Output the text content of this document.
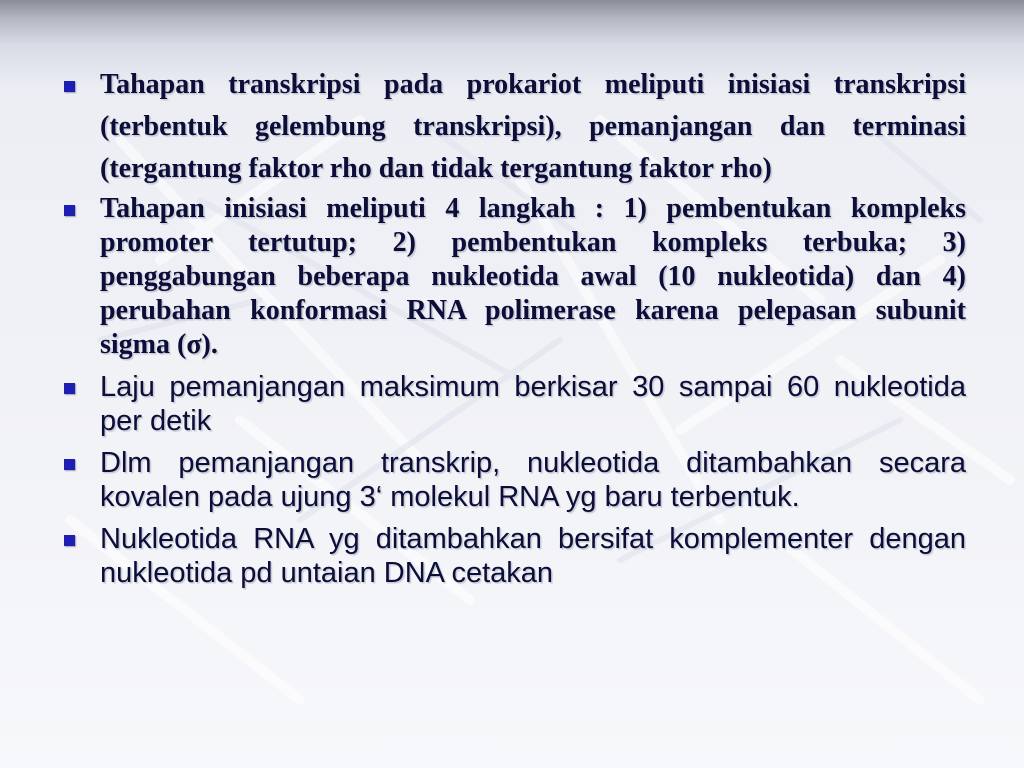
Tahapan transkripsi pada prokariot meliputi inisiasi transkripsi (terbentuk gelembung transkripsi), pemanjangan dan terminasi (tergantung faktor rho dan tidak tergantung faktor rho)
Tahapan inisiasi meliputi 4 langkah : 1) pembentukan kompleks promoter tertutup; 2) pembentukan kompleks terbuka; 3) penggabungan beberapa nukleotida awal (10 nukleotida) dan 4) perubahan konformasi RNA polimerase karena pelepasan subunit sigma (σ).
Laju pemanjangan maksimum berkisar 30 sampai 60 nukleotida per detik
Dlm pemanjangan transkrip, nukleotida ditambahkan secara kovalen pada ujung 3‘ molekul RNA yg baru terbentuk.
Nukleotida RNA yg ditambahkan bersifat komplementer dengan nukleotida pd untaian DNA cetakan
